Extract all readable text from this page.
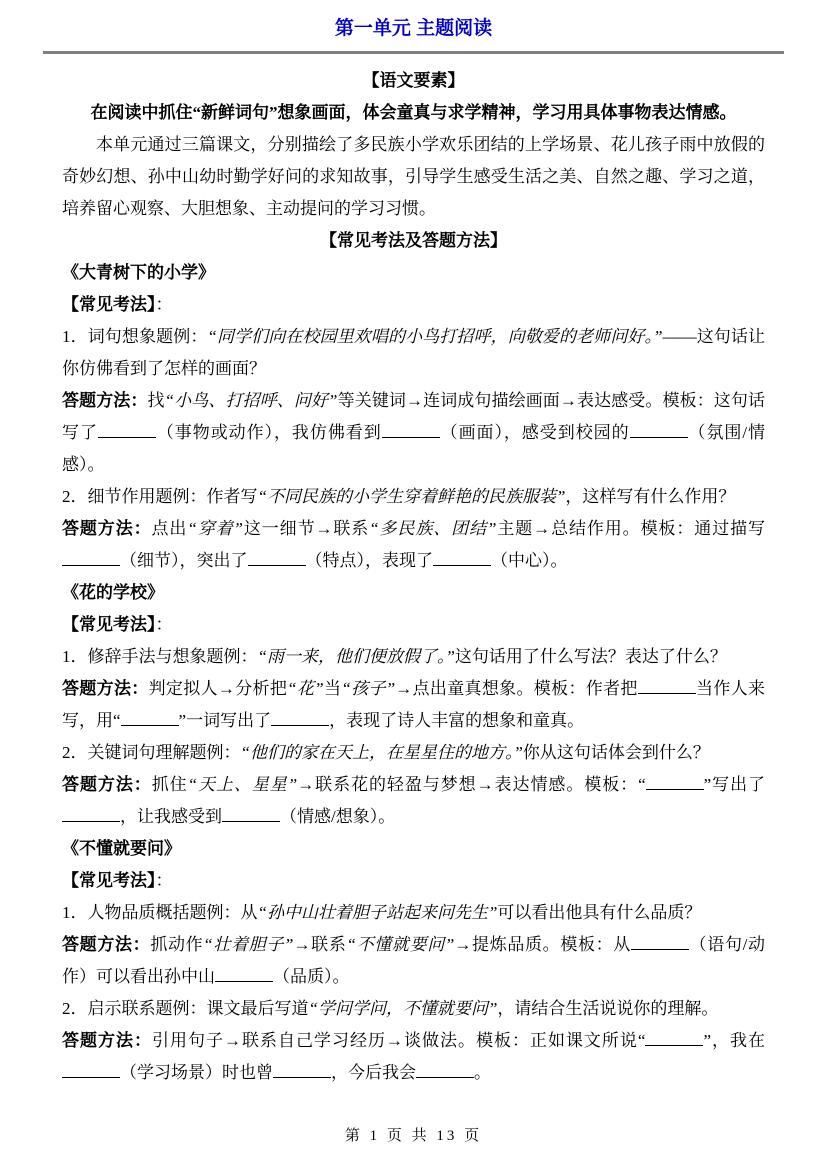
第一单元 主题阅读
【语文要素】
在阅读中抓住“新鲜词句”想象画面，体会童真与求学精神，学习用具体事物表达情感。
本单元通过三篇课文，分别描绘了多民族小学欢乐团结的上学场景、花儿孩子雨中放假的奇妙幻想、孙中山幼时勤学好问的求知故事，引导学生感受生活之美、自然之趣、学习之道，培养留心观察、大胆想象、主动提问的学习习惯。
【常见考法及答题方法】
《大青树下的小学》
【常见考法】：
1．词句想象题例：“同学们向在校园里欢唱的小鸟打招呼，向敬爱的老师问好。”——这句话让你仿佛看到了怎样的画面？
答题方法：找“小鸟、打招呼、问好”等关键词→连词成句描绘画面→表达感受。模板：这句话写了	（事物或动作），我仿佛看到	（画面），感受到校园的	（氛围/情感）。
2．细节作用题例：作者写“不同民族的小学生穿着鲜艳的民族服装”，这样写有什么作用？
答题方法：点出“穿着”这一细节→联系“多民族、团结”主题→总结作用。模板：通过描写（细节），突出了	（特点），表现了	（中心）。
《花的学校》
【常见考法】：
1．修辞手法与想象题例：“雨一来，他们便放假了。”这句话用了什么写法？表达了什么？
答题方法：判定拟人→分析把“花”当“孩子”→点出童真想象。模板：作者把	当作人来写，用“	”一词写出了	，表现了诗人丰富的想象和童真。
2．关键词句理解题例：“他们的家在天上，在星星住的地方。”你从这句话体会到什么？
答题方法：抓住“天上、星星”→联系花的轻盈与梦想→表达情感。模板：“	”写出了，让我感受到	（情感/想象）。
《不懂就要问》
【常见考法】：
1．人物品质概括题例：从“孙中山壮着胆子站起来问先生”可以看出他具有什么品质？
答题方法：抓动作“壮着胆子”→联系“不懂就要问”→提炼品质。模板：从	（语句/动作）可以看出孙中山	（品质）。
2．启示联系题例：课文最后写道“学问学问，不懂就要问”，请结合生活说说你的理解。
答题方法：引用句子→联系自己学习经历→谈做法。模板：正如课文所说“	”，我在（学习场景）时也曾	，今后我会	。
第 1 页 共 13 页
